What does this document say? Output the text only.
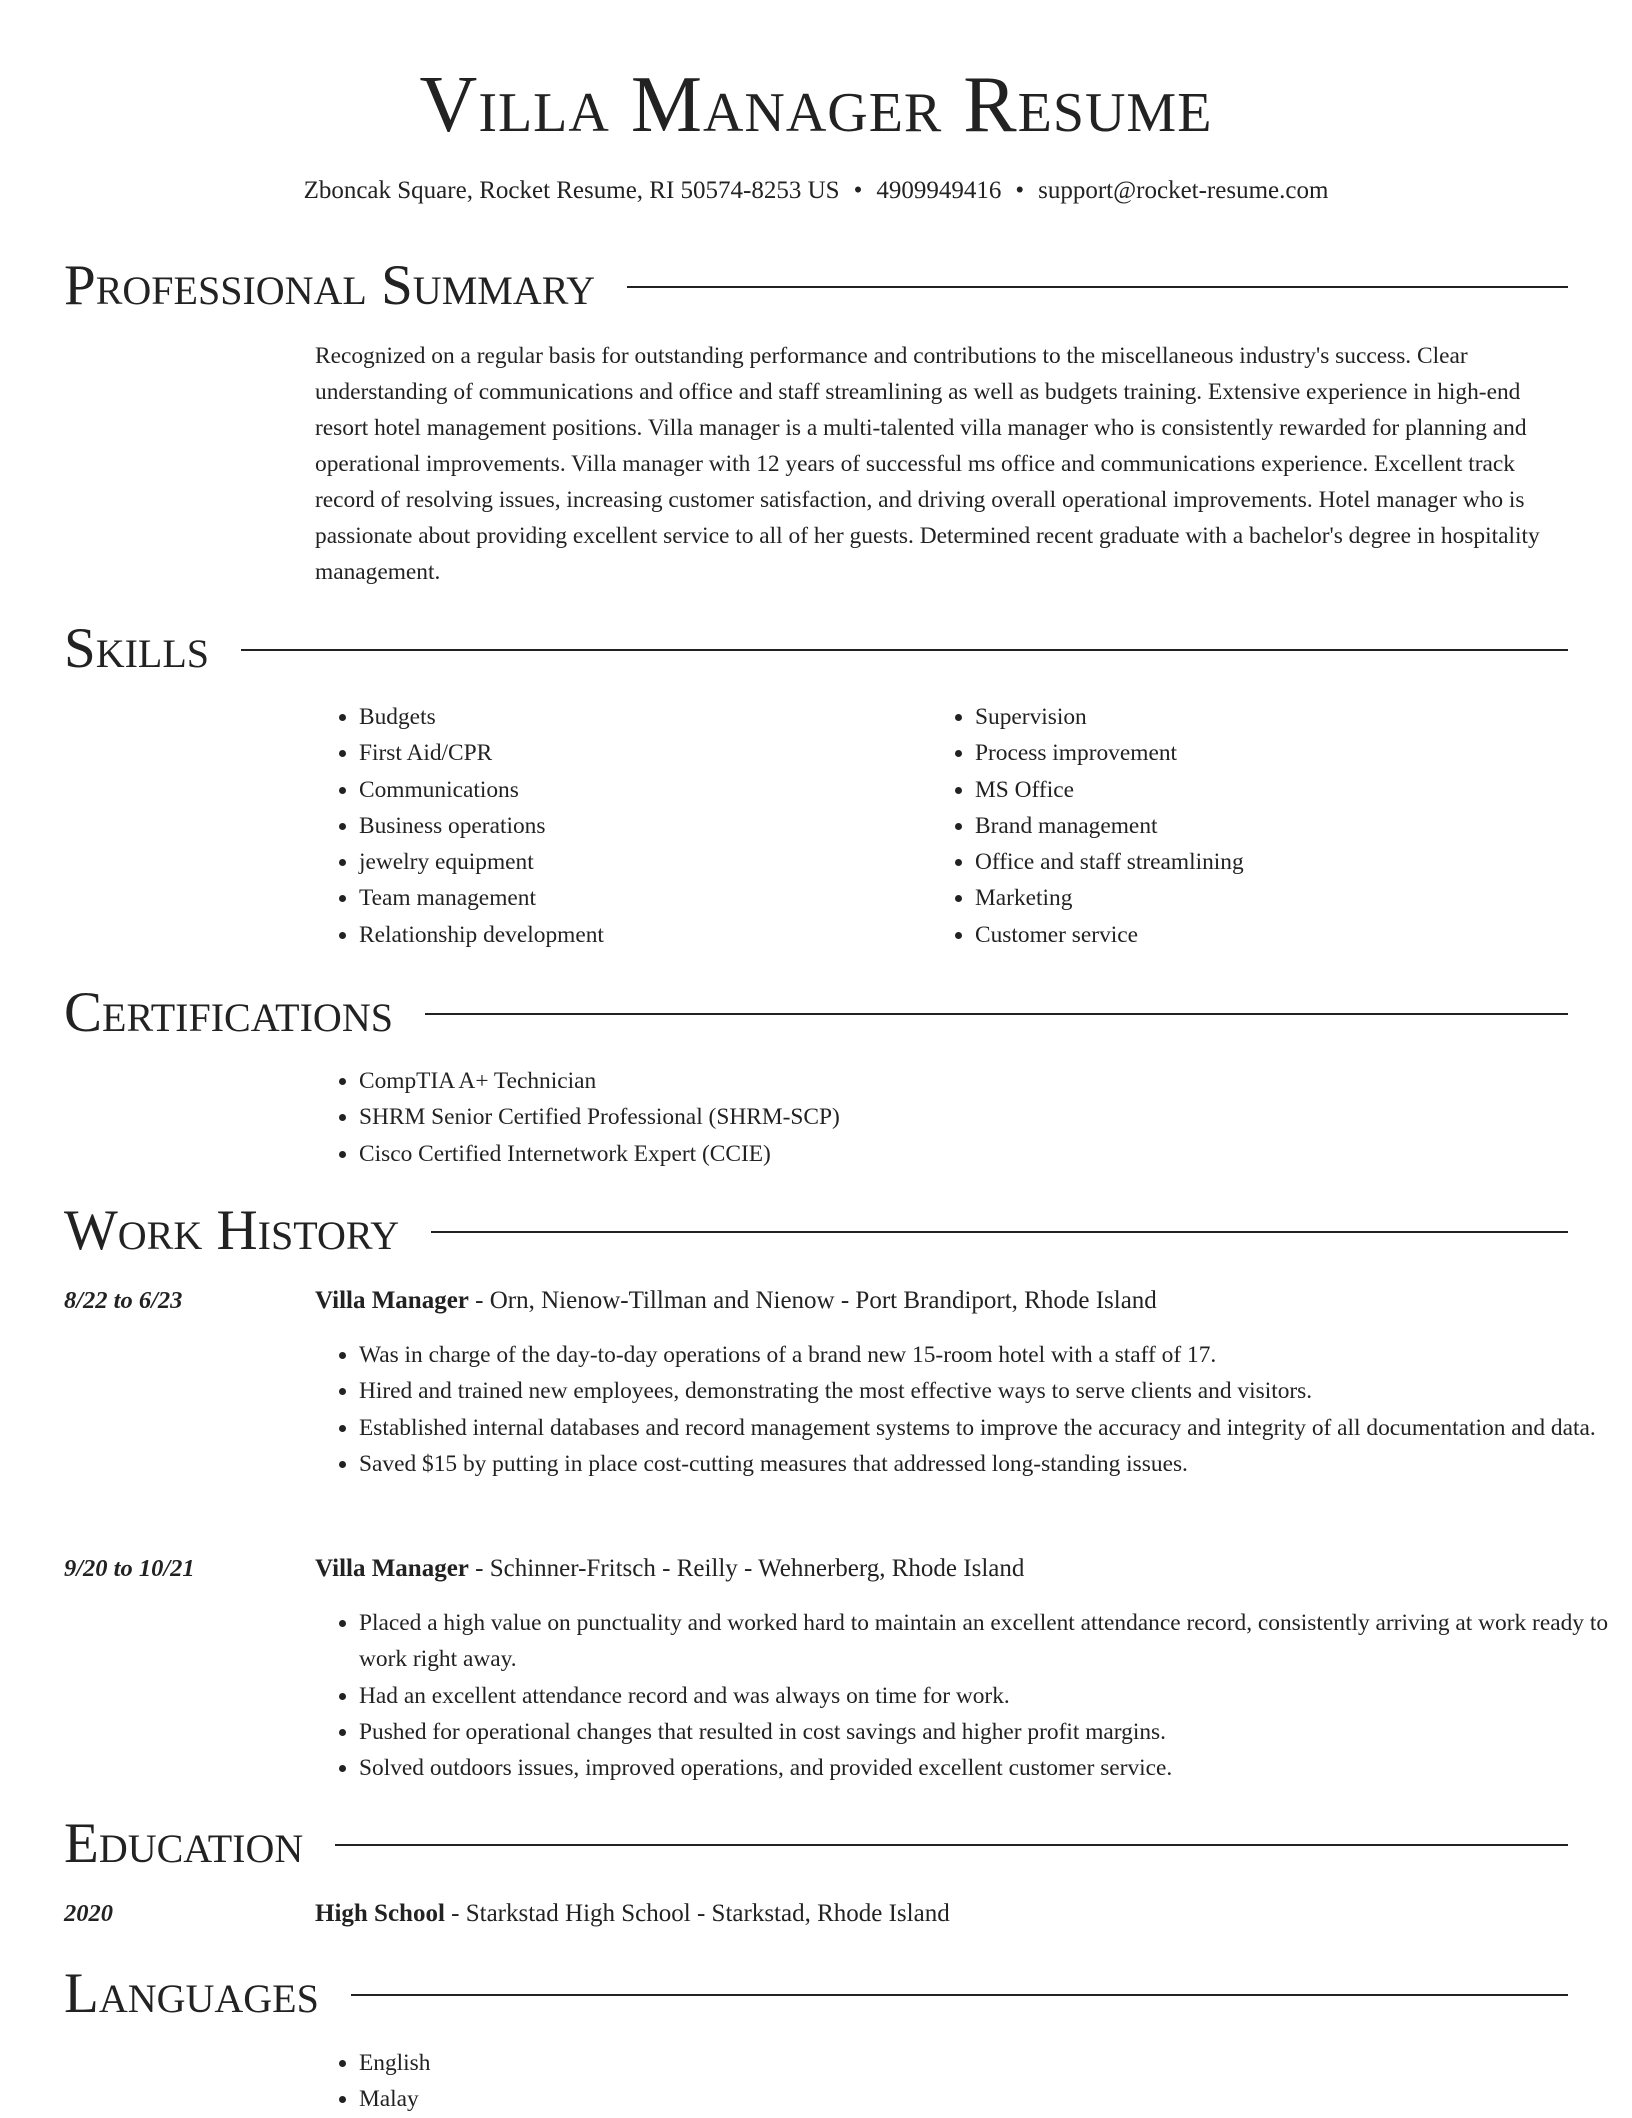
Villa Manager Resume
Zboncak Square, Rocket Resume, RI 50574-8253 US • 4909949416 • support@rocket-resume.com
Professional Summary

Recognized on a regular basis for outstanding performance and contributions to the miscellaneous industry's success. Clear understanding of communications and office and staff streamlining as well as budgets training. Extensive experience in high-end resort hotel management positions. Villa manager is a multi-talented villa manager who is consistently rewarded for planning and operational improvements. Villa manager with 12 years of successful ms office and communications experience. Excellent track record of resolving issues, increasing customer satisfaction, and driving overall operational improvements. Hotel manager who is passionate about providing excellent service to all of her guests. Determined recent graduate with a bachelor's degree in hospitality management.

Skills
• Budgets
• First Aid/CPR
• Communications
• Business operations
• jewelry equipment
• Team management
• Relationship development
• Supervision
• Process improvement
• MS Office
• Brand management
• Office and staff streamlining
• Marketing
• Customer service
Certifications
• CompTIA A+ Technician
• SHRM Senior Certified Professional (SHRM-SCP)
• Cisco Certified Internetwork Expert (CCIE)
Work History
8/22 to 6/23	Villa Manager - Orn, Nienow-Tillman and Nienow - Port Brandiport, Rhode Island
• Was in charge of the day-to-day operations of a brand new 15-room hotel with a staff of 17.
• Hired and trained new employees, demonstrating the most effective ways to serve clients and visitors.
• Established internal databases and record management systems to improve the accuracy and integrity of all documentation and data.
• Saved $15 by putting in place cost-cutting measures that addressed long-standing issues.
9/20 to 10/21	Villa Manager - Schinner-Fritsch - Reilly - Wehnerberg, Rhode Island
• Placed a high value on punctuality and worked hard to maintain an excellent attendance record, consistently arriving at work ready to work right away.
• Had an excellent attendance record and was always on time for work.
• Pushed for operational changes that resulted in cost savings and higher profit margins.
• Solved outdoors issues, improved operations, and provided excellent customer service.
Education
2020	High School - Starkstad High School - Starkstad, Rhode Island
Languages
• English
• Malay
